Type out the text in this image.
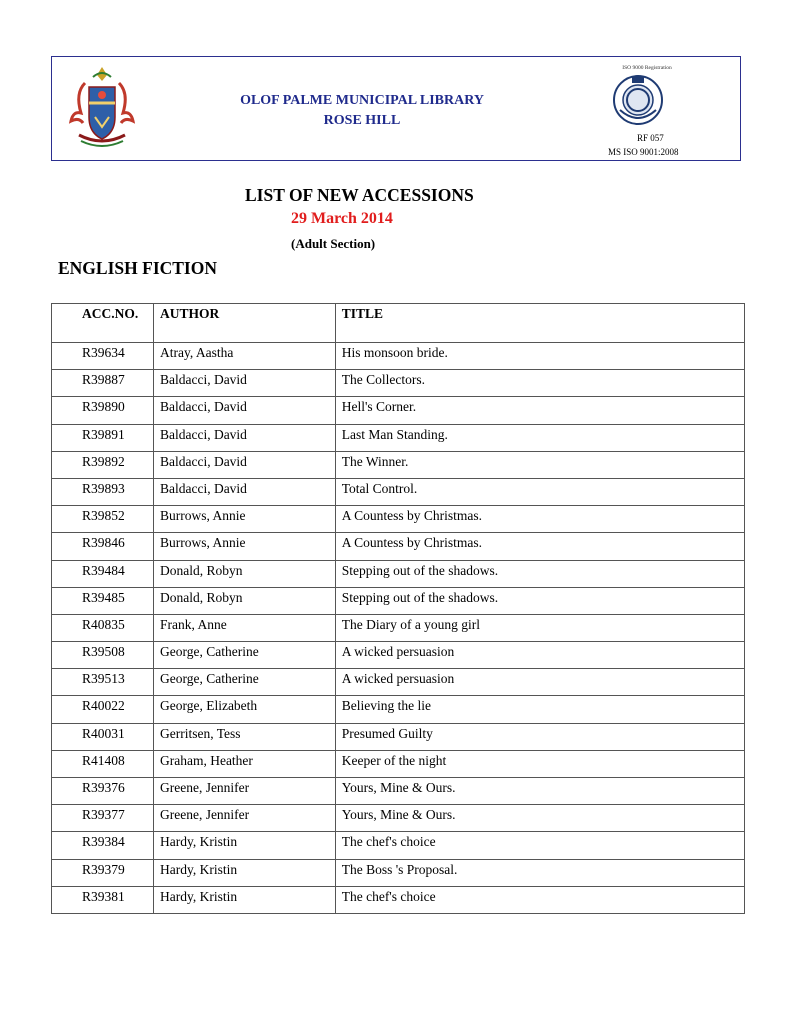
OLOF PALME MUNICIPAL LIBRARY
ROSE HILL
ISO 9000 Registration
RF 057
MS ISO 9001:2008
LIST OF NEW ACCESSIONS
29 March 2014
(Adult Section)
ENGLISH FICTION
ACC.NO.	AUTHOR	TITLE
R39634	Atray, Aastha	His monsoon bride.
R39887	Baldacci, David	The Collectors.
R39890	Baldacci, David	Hell's Corner.
R39891	Baldacci, David	Last Man Standing.
R39892	Baldacci, David	The Winner.
R39893	Baldacci, David	Total Control.
R39852	Burrows, Annie	A Countess by Christmas.
R39846	Burrows, Annie	A Countess by Christmas.
R39484	Donald, Robyn	Stepping out of the shadows.
R39485	Donald, Robyn	Stepping out of the shadows.
R40835	Frank, Anne	The Diary of a young girl
R39508	George, Catherine	A wicked persuasion
R39513	George, Catherine	A wicked persuasion
R40022	George, Elizabeth	Believing the lie
R40031	Gerritsen, Tess	Presumed Guilty
R41408	Graham, Heather	Keeper of the night
R39376	Greene, Jennifer	Yours, Mine & Ours.
R39377	Greene, Jennifer	Yours, Mine & Ours.
R39384	Hardy, Kristin	The chef's choice
R39379	Hardy, Kristin	The Boss 's Proposal.
R39381	Hardy, Kristin	The chef's choice
